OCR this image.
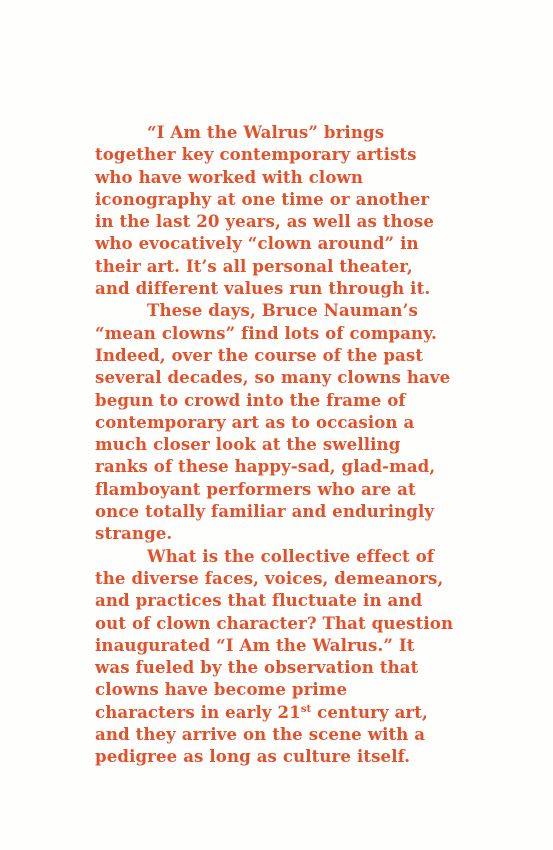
“I Am the Walrus” brings
together key contemporary artists
who have worked with clown
iconography at one time or another
in the last 20 years, as well as those
who evocatively “clown around” in
their art. It’s all personal theater,
and different values run through it.
These days, Bruce Nauman’s
“mean clowns” find lots of company.
Indeed, over the course of the past
several decades, so many clowns have
begun to crowd into the frame of
contemporary art as to occasion a
much closer look at the swelling
ranks of these happy-sad, glad-mad,
flamboyant performers who are at
once totally familiar and enduringly
strange.
What is the collective effect of
the diverse faces, voices, demeanors,
and practices that fluctuate in and
out of clown character? That question
inaugurated “I Am the Walrus.” It
was fueled by the observation that
clowns have become prime
characters in early 21st century art,
and they arrive on the scene with a
pedigree as long as culture itself.
